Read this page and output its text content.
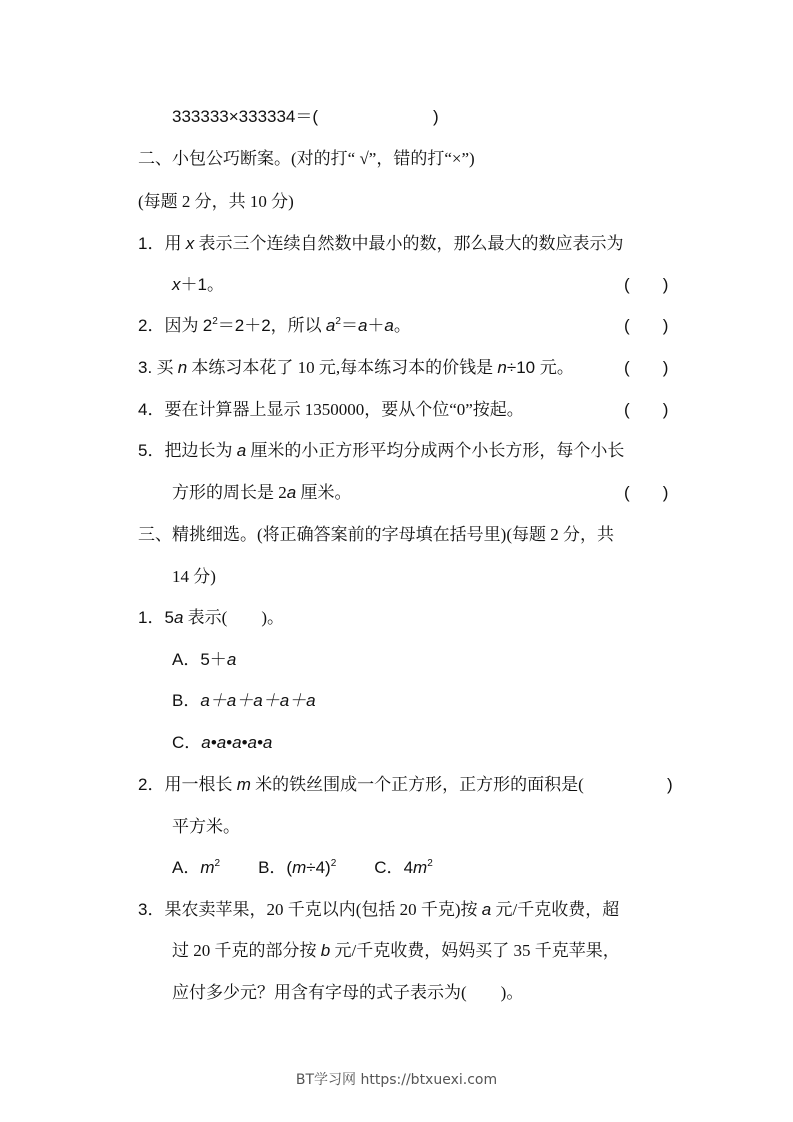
333333×333334＝(	)
二、小包公巧断案。(对的打“ √”，错的打“×”)
(每题 2 分，共 10 分)
1．用 x 表示三个连续自然数中最小的数，那么最大的数应表示为
x＋1。	(       )
2．因为 $2^2=2+2$，所以 $a^2=a+a$。	(       )
3. 买 n 本练习本花了 10 元,每本练习本的价钱是 n÷10 元。	(       )
4．要在计算器上显示 1350000，要从个位“0”按起。	(       )
5．把边长为 a 厘米的小正方形平均分成两个小长方形，每个小长
方形的周长是 2a 厘米。	(       )
三、精挑细选。(将正确答案前的字母填在括号里)(每题 2 分，共
14 分)
1．5a 表示(　　)。
A．5＋a
B．a＋a＋a＋a＋a
C．a•a•a•a•a
2．用一根长 m 米的铁丝围成一个正方形，正方形的面积是(	)
平方米。
A．$m^2$ B．$(m\div 4)^2$ C．$4m^2$
3．果农卖苹果，20 千克以内(包括 20 千克)按 a 元/千克收费，超
过 20 千克的部分按 b 元/千克收费，妈妈买了 35 千克苹果，
应付多少元？用含有字母的式子表示为(　　)。
BT学习网 https://btxuexi.com
